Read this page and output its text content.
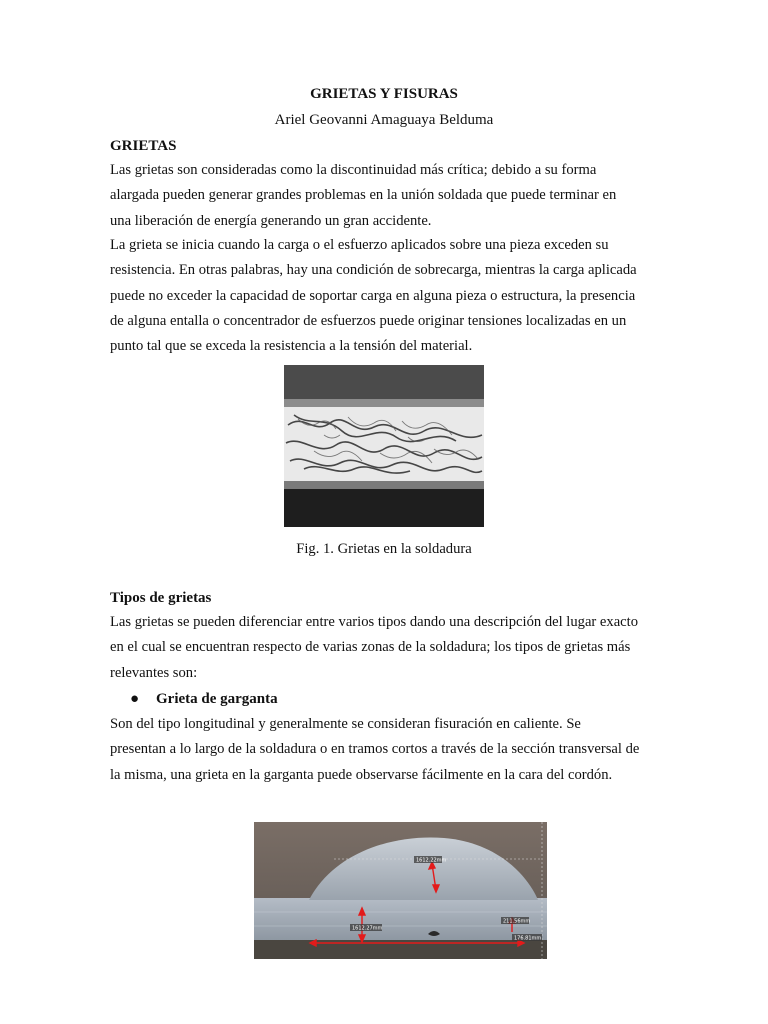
GRIETAS Y FISURAS
Ariel Geovanni Amaguaya Belduma
GRIETAS

Las grietas son consideradas como la discontinuidad más crítica; debido a su forma alargada pueden generar grandes problemas en la unión soldada que puede terminar en una liberación de energía generando un gran accidente.

La grieta se inicia cuando la carga o el esfuerzo aplicados sobre una pieza exceden su resistencia. En otras palabras, hay una condición de sobrecarga, mientras la carga aplicada puede no exceder la capacidad de soportar carga en alguna pieza o estructura, la presencia de alguna entalla o concentrador de esfuerzos puede originar tensiones localizadas en un punto tal que se exceda la resistencia a la tensión del material.

Fig. 1. Grietas en la soldadura
Tipos de grietas

Las grietas se pueden diferenciar entre varios tipos dando una descripción del lugar exacto en el cual se encuentran respecto de varias zonas de la soldadura; los tipos de grietas más relevantes son:

● Grieta de garganta

Son del tipo longitudinal y generalmente se consideran fisuración en caliente. Se presentan a lo largo de la soldadura o en tramos cortos a través de la sección transversal de la misma, una grieta en la garganta puede observarse fácilmente en la cara del cordón.

1612.22mm
1612.27mm
211.56mm
176.81mm
